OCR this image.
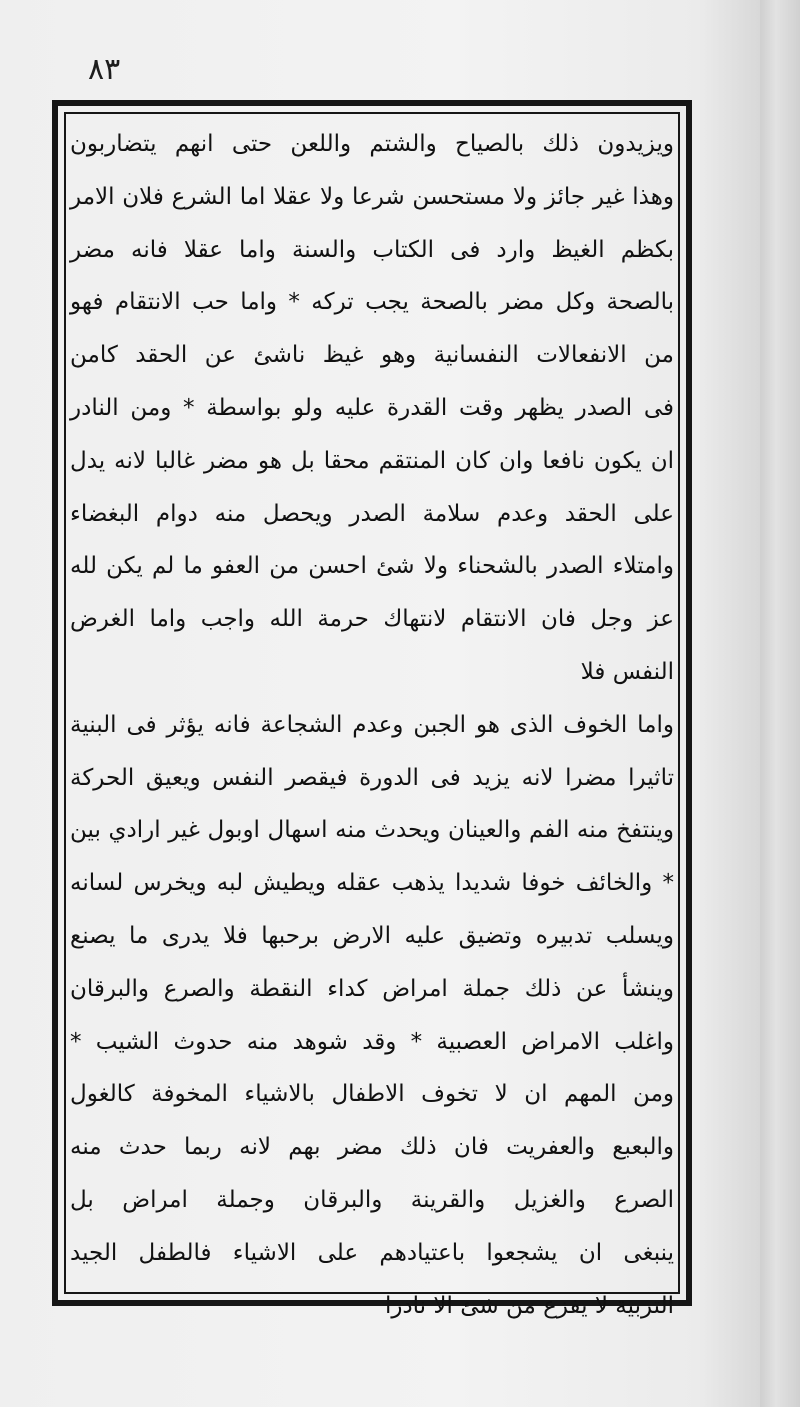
٨٣
ويزيدون ذلك بالصياح والشتم واللعن حتى انهم يتضاربون
وهذا غير جائز ولا مستحسن شرعا ولا عقلا اما الشرع فلان الامر
بكظم الغيظ وارد فى الكتاب والسنة واما عقلا فانه مضر
بالصحة وكل مضر بالصحة يجب تركه * واما حب الانتقام فهو
من الانفعالات النفسانية وهو غيظ ناشئ عن الحقد كامن
فى الصدر يظهر وقت القدرة عليه ولو بواسطة * ومن النادر
ان يكون نافعا وان كان المنتقم محقا بل هو مضر غالبا لانه يدل
على الحقد وعدم سلامة الصدر ويحصل منه دوام البغضاء
وامتلاء الصدر بالشحناء ولا شئ احسن من العفو ما لم يكن لله
عز وجل فان الانتقام لانتهاك حرمة الله واجب واما الغرض
النفس فلا
واما الخوف الذى هو الجبن وعدم الشجاعة فانه يؤثر فى البنية
تاثيرا مضرا لانه يزيد فى الدورة فيقصر النفس ويعيق الحركة
وينتفخ منه الفم والعينان ويحدث منه اسهال اوبول غير ارادي بين
* والخائف خوفا شديدا يذهب عقله ويطيش لبه ويخرس لسانه
ويسلب تدبيره وتضيق عليه الارض برحبها فلا يدرى ما يصنع
وينشأ عن ذلك جملة امراض كداء النقطة والصرع والبرقان
واغلب الامراض العصبية * وقد شوهد منه حدوث الشيب *
ومن المهم ان لا تخوف الاطفال بالاشياء المخوفة كالغول
والبعبع والعفريت فان ذلك مضر بهم لانه ربما حدث منه
الصرع والغزيل والقرينة والبرقان وجملة امراض بل
ينبغى ان يشجعوا باعتيادهم على الاشياء فالطفل الجيد
التربية لا يفزع من شئ الا نادرا
